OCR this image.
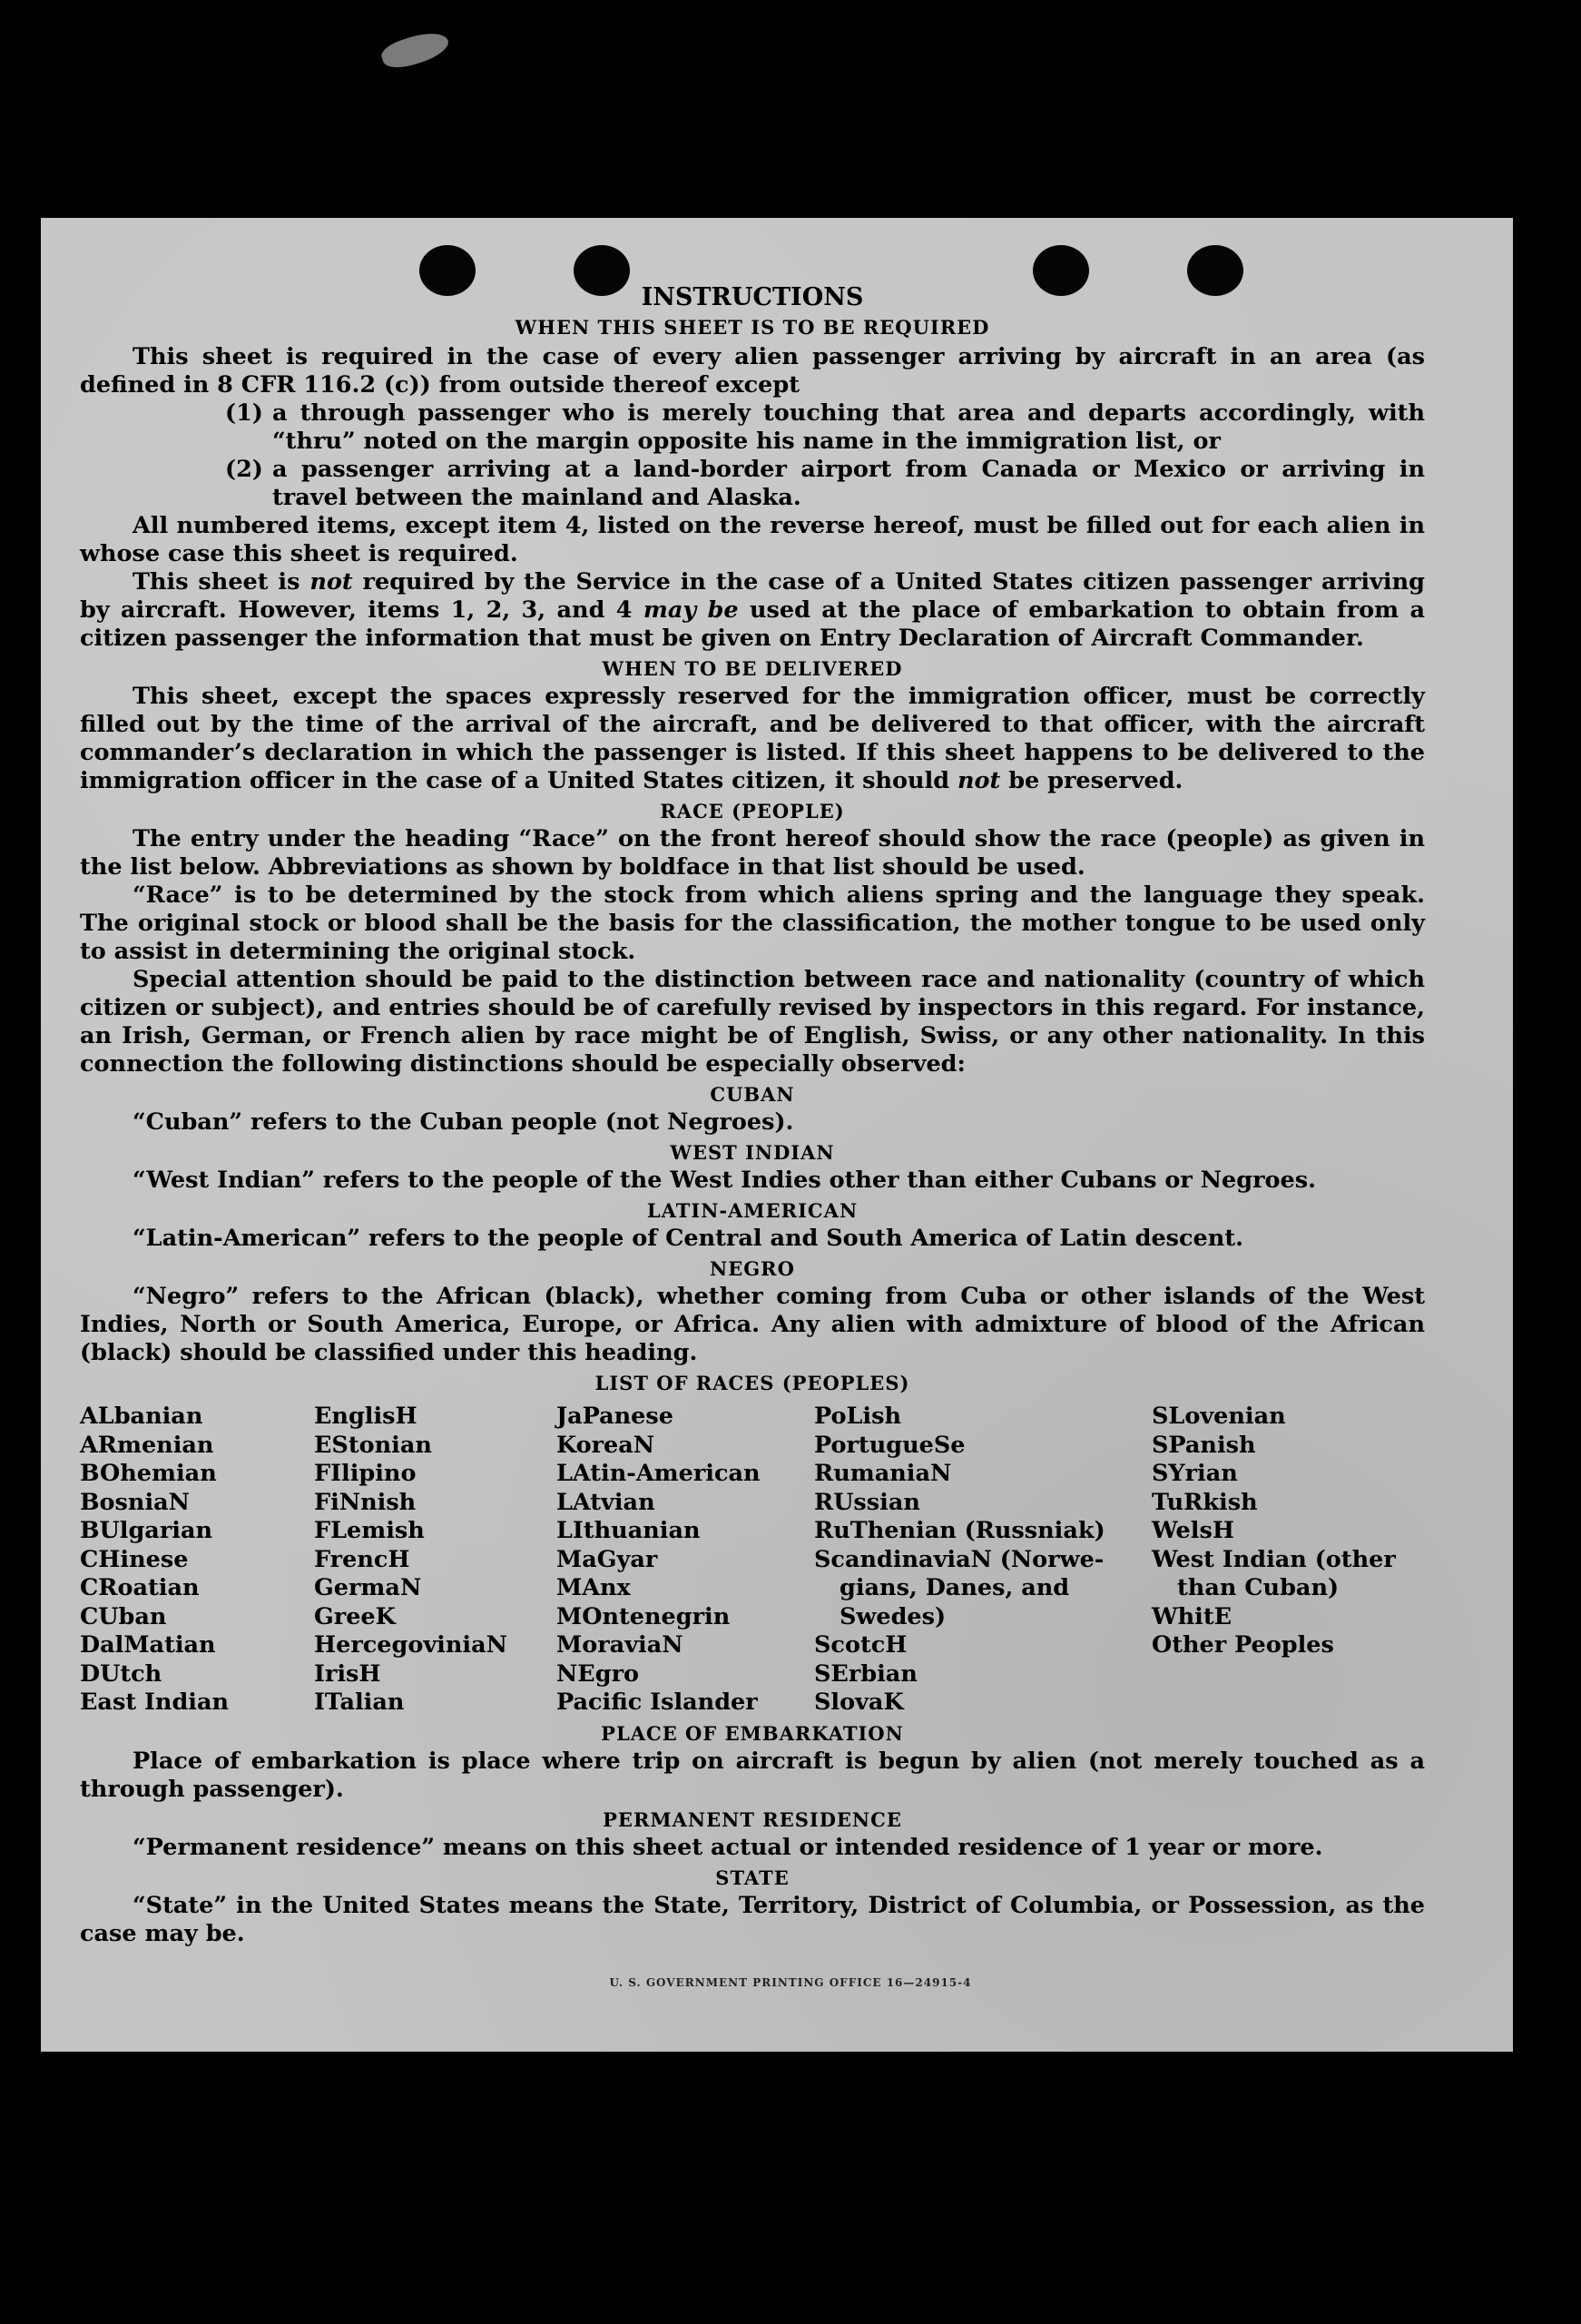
INSTRUCTIONS
WHEN THIS SHEET IS TO BE REQUIRED

This sheet is required in the case of every alien passenger arriving by aircraft in an area (as defined in 8 CFR 116.2 (c)) from outside thereof except

(1) a through passenger who is merely touching that area and departs accordingly, with “thru” noted on the margin opposite his name in the immigration list, or
(2) a passenger arriving at a land-border airport from Canada or Mexico or arriving in travel between the mainland and Alaska.

All numbered items, except item 4, listed on the reverse hereof, must be filled out for each alien in whose case this sheet is required.

This sheet is not required by the Service in the case of a United States citizen passenger arriving by aircraft. However, items 1, 2, 3, and 4 may be used at the place of embarkation to obtain from a citizen passenger the information that must be given on Entry Declaration of Aircraft Commander.

WHEN TO BE DELIVERED

This sheet, except the spaces expressly reserved for the immigration officer, must be correctly filled out by the time of the arrival of the aircraft, and be delivered to that officer, with the aircraft commander’s declaration in which the passenger is listed. If this sheet happens to be delivered to the immigration officer in the case of a United States citizen, it should not be preserved.

RACE (PEOPLE)

The entry under the heading “Race” on the front hereof should show the race (people) as given in the list below. Abbreviations as shown by boldface in that list should be used.

“Race” is to be determined by the stock from which aliens spring and the language they speak. The original stock or blood shall be the basis for the classification, the mother tongue to be used only to assist in determining the original stock.

Special attention should be paid to the distinction between race and nationality (country of which citizen or subject), and entries should be of carefully revised by inspectors in this regard. For instance, an Irish, German, or French alien by race might be of English, Swiss, or any other nationality. In this connection the following distinctions should be especially observed:

CUBAN

“Cuban” refers to the Cuban people (not Negroes).

WEST INDIAN

“West Indian” refers to the people of the West Indies other than either Cubans or Negroes.

LATIN-AMERICAN

“Latin-American” refers to the people of Central and South America of Latin descent.

NEGRO

“Negro” refers to the African (black), whether coming from Cuba or other islands of the West Indies, North or South America, Europe, or Africa. Any alien with admixture of blood of the African (black) should be classified under this heading.

LIST OF RACES (PEOPLES)
ALbanian
ARmenian
BOhemian
BosniaN
BUlgarian
CHinese
CRoatian
CUban
DalMatian
DUtch
East Indian
EnglisH
EStonian
FIlipino
FiNnish
FLemish
FrencH
GermaN
GreeK
HercegoviniaN
IrisH
ITalian
JaPanese
KoreaN
LAtin-American
LAtvian
LIthuanian
MaGyar
MAnx
MOntenegrin
MoraviaN
NEgro
Pacific Islander
PoLish
PortugueSe
RumaniaN
RUssian
RuThenian (Russniak)
ScandinaviaN (Norwe-
gians, Danes, and
Swedes)
ScotcH
SErbian
SlovaK
SLovenian
SPanish
SYrian
TuRkish
WelsH
West Indian (other
than Cuban)
WhitE
Other Peoples
PLACE OF EMBARKATION

Place of embarkation is place where trip on aircraft is begun by alien (not merely touched as a through passenger).

PERMANENT RESIDENCE

“Permanent residence” means on this sheet actual or intended residence of 1 year or more.

STATE

“State” in the United States means the State, Territory, District of Columbia, or Possession, as the case may be.

U. S. GOVERNMENT PRINTING OFFICE 16—24915-4
